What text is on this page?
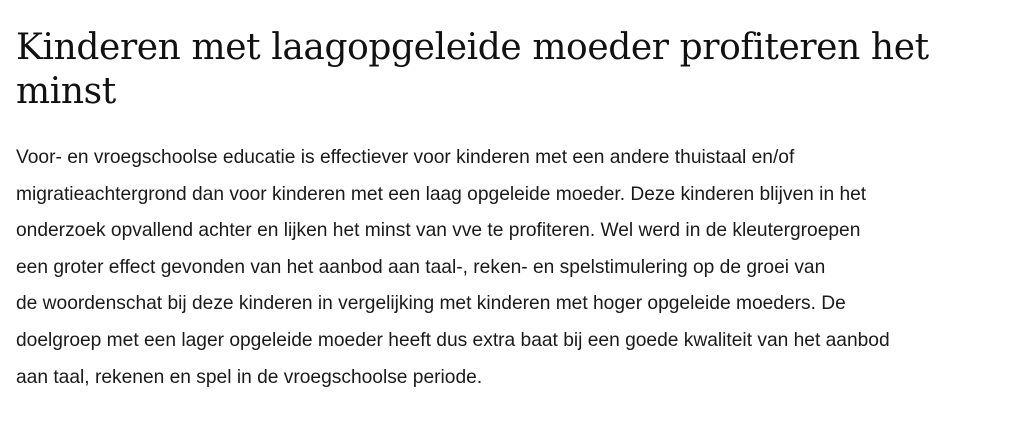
Kinderen met laagopgeleide moeder profiteren het
minst
Voor- en vroegschoolse educatie is effectiever voor kinderen met een andere thuistaal en/of
migratieachtergrond dan voor kinderen met een laag opgeleide moeder. Deze kinderen blijven in het
onderzoek opvallend achter en lijken het minst van vve te profiteren. Wel werd in de kleutergroepen
een groter effect gevonden van het aanbod aan taal-, reken- en spelstimulering op de groei van
de woordenschat bij deze kinderen in vergelijking met kinderen met hoger opgeleide moeders. De
doelgroep met een lager opgeleide moeder heeft dus extra baat bij een goede kwaliteit van het aanbod
aan taal, rekenen en spel in de vroegschoolse periode.
